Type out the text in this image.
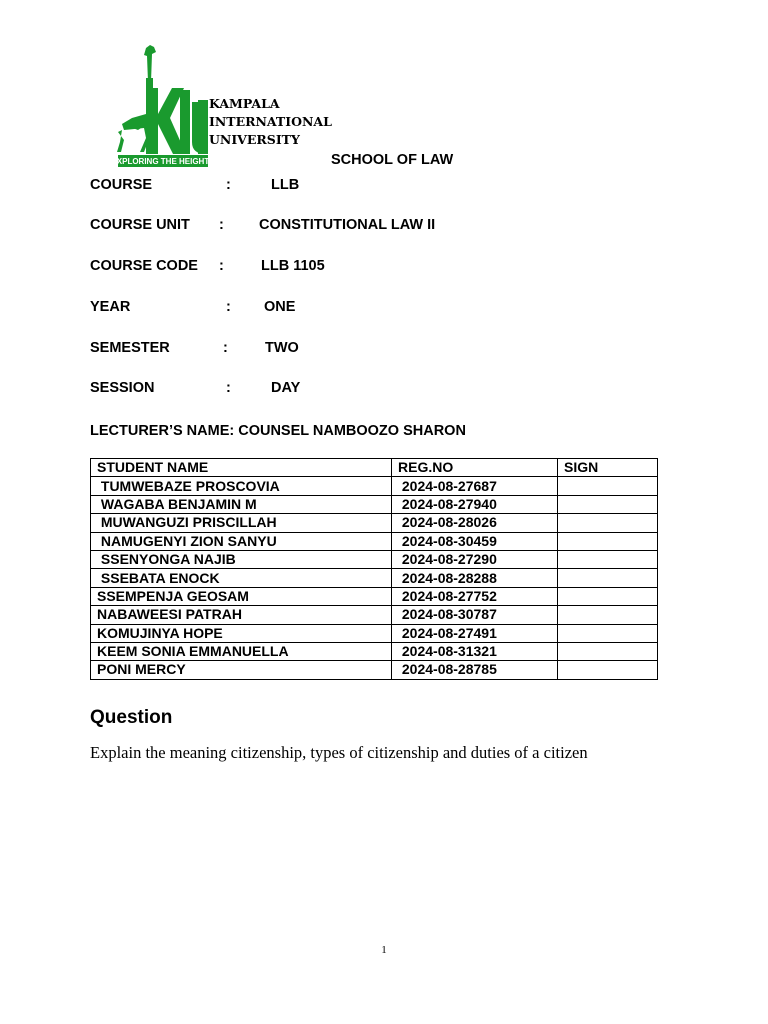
EXPLORING THE HEIGHTS
KAMPALA
INTERNATIONAL
UNIVERSITY
SCHOOL OF LAW
COURSE	:	LLB
COURSE UNIT : CONSTITUTIONAL LAW II
COURSE CODE :	LLB 1105
YEAR	: ONE
SEMESTER	:	TWO
SESSION	:	DAY
LECTURER’S NAME: COUNSEL NAMBOOZO SHARON
STUDENT NAME	REG.NO	SIGN
TUMWEBAZE PROSCOVIA	2024-08-27687	
WAGABA BENJAMIN M	2024-08-27940	
MUWANGUZI PRISCILLAH	2024-08-28026	
NAMUGENYI ZION SANYU	2024-08-30459	
SSENYONGA NAJIB	2024-08-27290	
SSEBATA ENOCK	2024-08-28288	
SSEMPENJA GEOSAM	2024-08-27752	
NABAWEESI PATRAH	2024-08-30787	
KOMUJINYA HOPE	2024-08-27491	
KEEM SONIA EMMANUELLA	2024-08-31321	
PONI MERCY	2024-08-28785	
Question
Explain the meaning citizenship, types of citizenship and duties of a citizen
1
